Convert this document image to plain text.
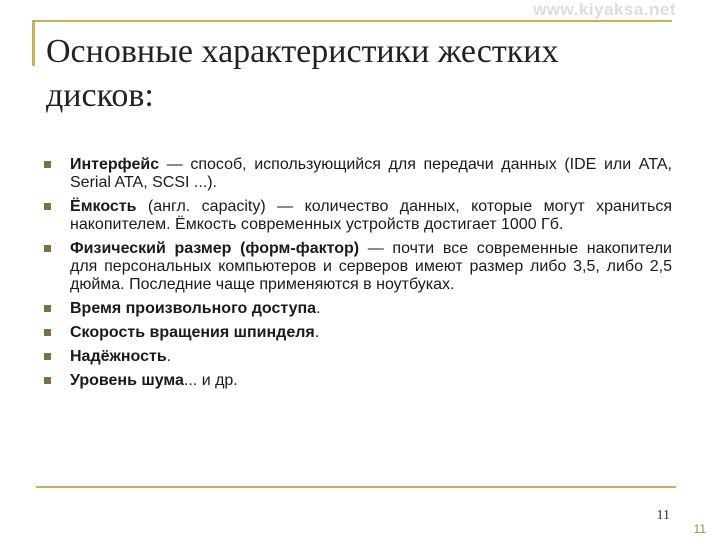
www.kiyaksa.net
Основные характеристики жестких дисков:
Интерфейс — способ, использующийся для передачи данных (IDE или ATA, Serial ATA, SCSI ...).
Ёмкость (англ. capacity) — количество данных, которые могут храниться накопителем. Ёмкость современных устройств достигает 1000 Гб.
Физический размер (форм-фактор) — почти все современные накопители для персональных компьютеров и серверов имеют размер либо 3,5, либо 2,5 дюйма. Последние чаще применяются в ноутбуках.
Время произвольного доступа.
Скорость вращения шпинделя.
Надёжность.
Уровень шума... и др.
11
11
